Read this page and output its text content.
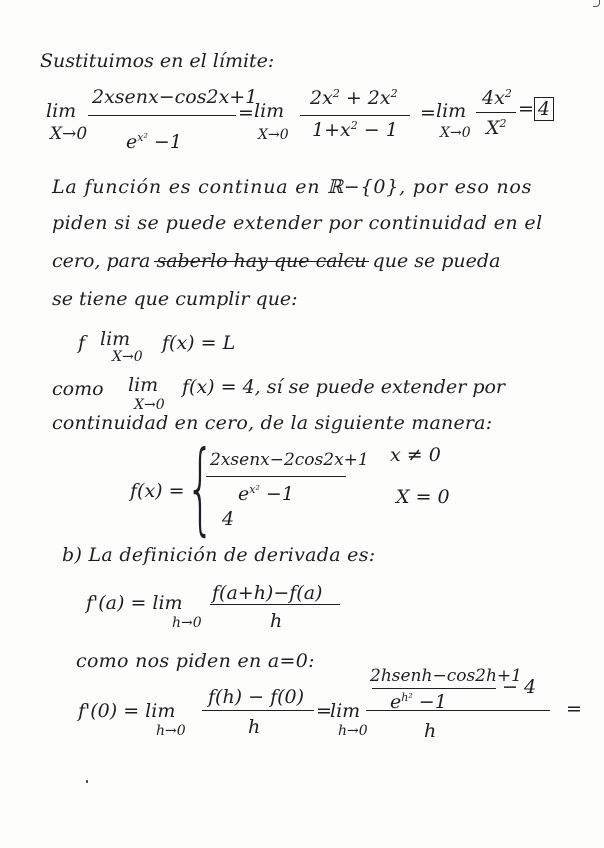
Sustituimos en el límite:
lim
X→0
2xsenx−cos2x+1
$e^{x^2} -1$
= lim
X→0
$2x^2 + 2x^2$
$1+x^2 - 1$
= lim
X→0
$4x^2$
$X^2$
= 4
La función es continua en ℝ−{0}, por eso nos
piden si se puede extender por continuidad en el
cero, para saberlo hay que calcu que se pueda
se tiene que cumplir que:
f lim
X→0
f(x) = L
como lim
X→0
f(x) = 4, sí se puede extender por
continuidad en cero, de la siguiente manera:
f(x) = {
2xsenx−2cos2x+1
$e^{x^2} -1$
4
x ≠ 0
X = 0
b) La definición de derivada es:
f'(a) = lim
h→0
f(a+h)−f(a)
h
como nos piden en a=0:
f'(0) = lim
h→0
f(h) − f(0)
h
=
lim
h→0
2hsenh−cos2h+1
$e^{h^2} -1$
− 4
h
=
